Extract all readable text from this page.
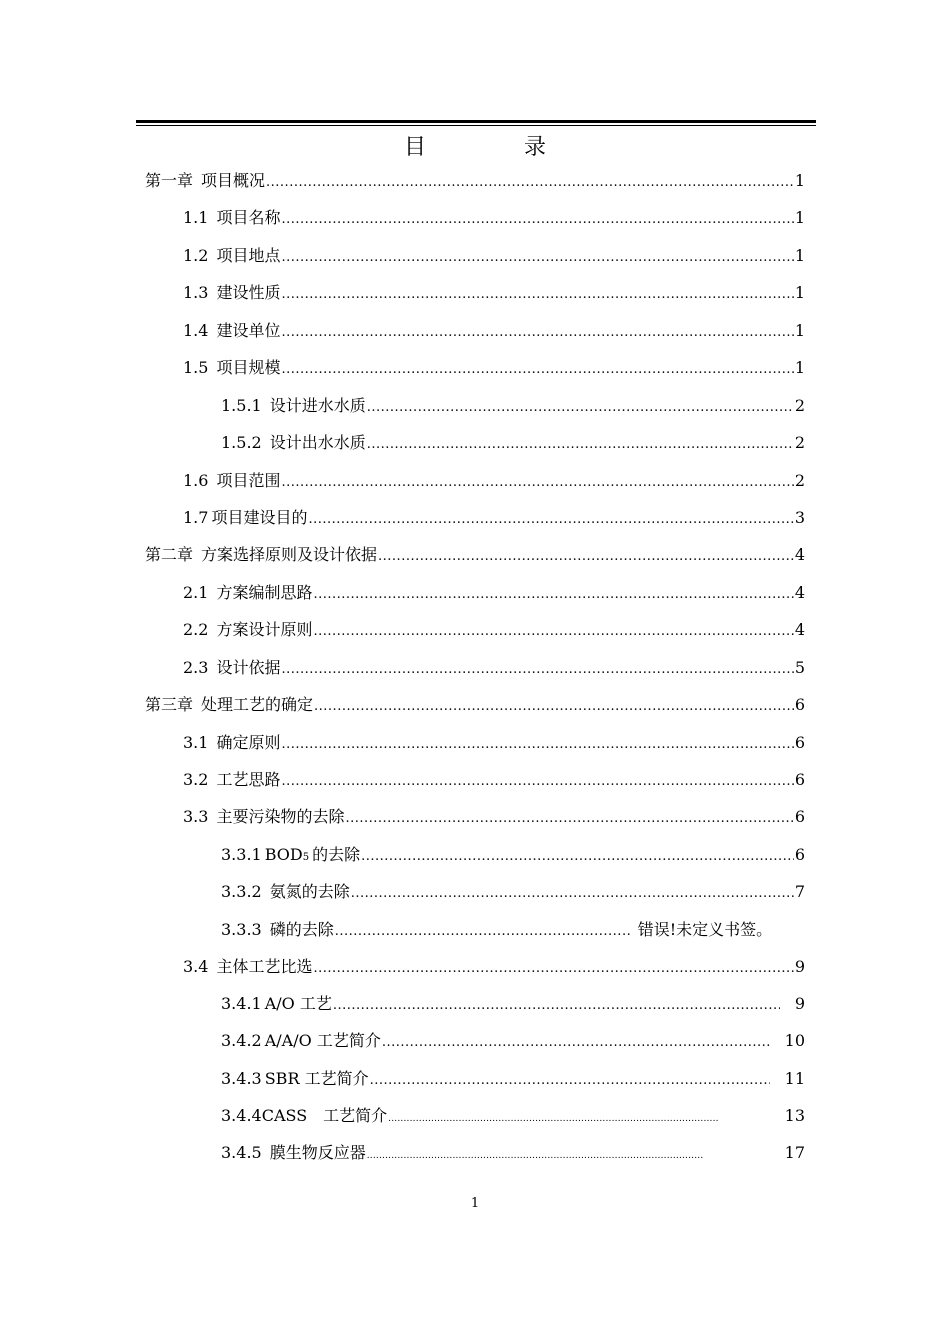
目　录
第一章 项目概况 .....	1
1.1 项目名称 .....	1
1.2 项目地点 .....	1
1.3 建设性质 .....	1
1.4 建设单位 .....	1
1.5 项目规模 .....	1
1.5.1 设计进水水质 .....	2
1.5.2 设计出水水质 .....	2
1.6 项目范围 .....	2
1.7 项目建设目的 .....	3
第二章 方案选择原则及设计依据 .....	4
2.1 方案编制思路 .....	4
2.2 方案设计原则 .....	4
2.3 设计依据 .....	5
第三章 处理工艺的确定 .....	6
3.1 确定原则 .....	6
3.2 工艺思路 .....	6
3.3 主要污染物的去除 .....	6
3.3.1 BOD 5 的去除 .....	6
3.3.2 氨氮的去除 .....	7
3.3.3 磷的去除 .....	错误!未定义书签。
3.4 主体工艺比选 .....	9
3.4.1 A/O 工艺 .....	9
3.4.2 A/A/O 工艺简介 .....	10
3.4.3 SBR 工艺简介 .....	11
3.4.4 CASS　工艺简介 .....	13
3.4.5 膜生物反应器 .....	17
1
